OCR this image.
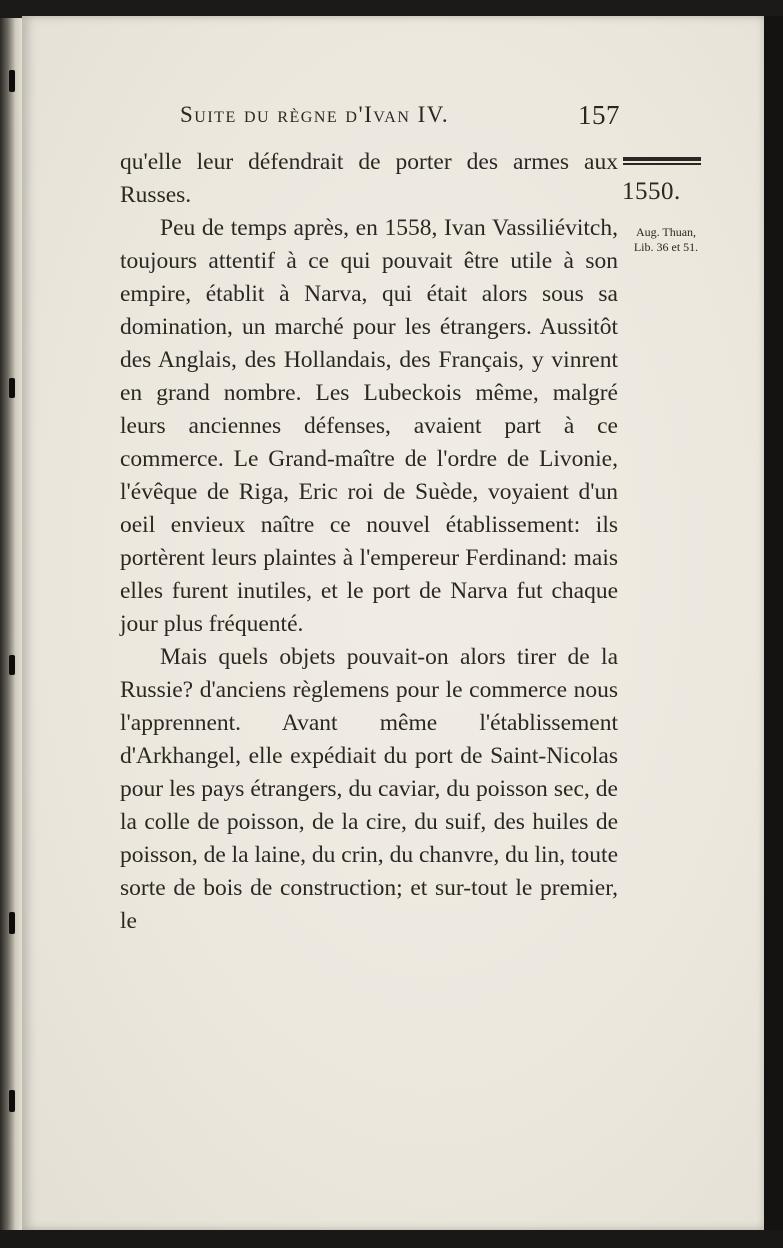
Suite du règne d'Ivan IV.	157
1550.
Aug. Thuan,
Lib. 36 et 51.

qu'elle leur défendrait de porter des armes aux Russes.

Peu de temps après, en 1558, Ivan Vassiliévitch, toujours attentif à ce qui pouvait être utile à son empire, établit à Narva, qui était alors sous sa domination, un marché pour les étrangers. Aussitôt des Anglais, des Hollandais, des Français, y vinrent en grand nombre. Les Lubeckois même, malgré leurs anciennes défenses, avaient part à ce commerce. Le Grand-maître de l'ordre de Livonie, l'évêque de Riga, Eric roi de Suède, voyaient d'un oeil envieux naître ce nouvel établissement: ils portèrent leurs plaintes à l'empereur Ferdinand: mais elles furent inutiles, et le port de Narva fut chaque jour plus fréquenté.

Mais quels objets pouvait-on alors tirer de la Russie? d'anciens règlemens pour le commerce nous l'apprennent. Avant même l'établissement d'Arkhangel, elle expédiait du port de Saint-Nicolas pour les pays étrangers, du caviar, du poisson sec, de la colle de poisson, de la cire, du suif, des huiles de poisson, de la laine, du crin, du chanvre, du lin, toute sorte de bois de construction; et sur-tout le premier, le
